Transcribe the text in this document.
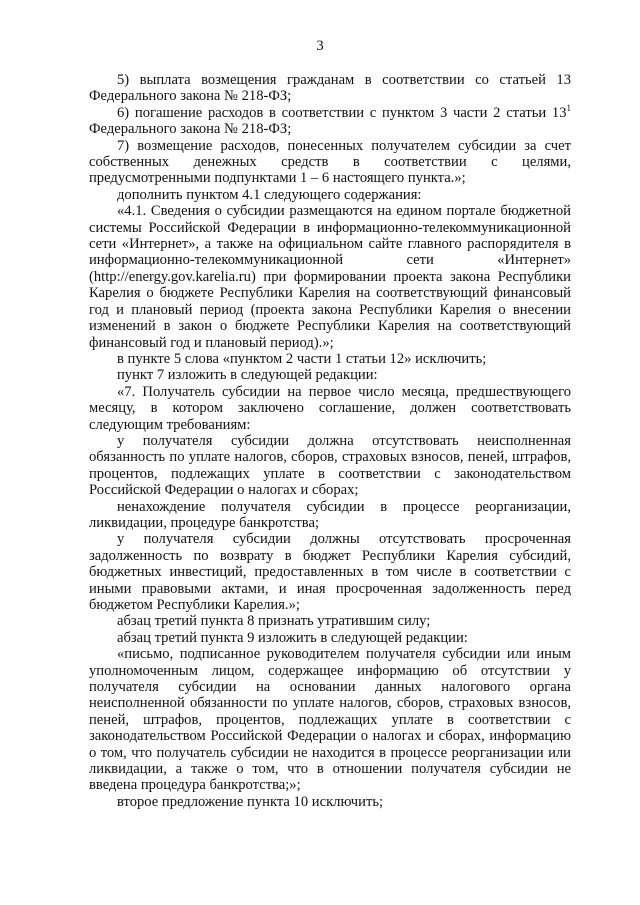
3

5) выплата возмещения гражданам в соответствии со статьей 13 Федерального закона № 218-ФЗ;

6) погашение расходов в соответствии с пунктом 3 части 2 статьи $13^1$ Федерального закона № 218-ФЗ;

7) возмещение расходов, понесенных получателем субсидии за счет собственных денежных средств в соответствии с целями, предусмотренными подпунктами 1 – 6 настоящего пункта.»;

дополнить пунктом 4.1 следующего содержания:

«4.1. Сведения о субсидии размещаются на едином портале бюджетной системы Российской Федерации в информационно-телекоммуникационной сети «Интернет», а также на официальном сайте главного распорядителя в информационно-телекоммуникационной сети «Интернет» (http://energy.gov.karelia.ru) при формировании проекта закона Республики Карелия о бюджете Республики Карелия на соответствующий финансовый год и плановый период (проекта закона Республики Карелия о внесении изменений в закон о бюджете Республики Карелия на соответствующий финансовый год и плановый период).»;

в пункте 5 слова «пунктом 2 части 1 статьи 12» исключить;

пункт 7 изложить в следующей редакции:

«7. Получатель субсидии на первое число месяца, предшествующего месяцу, в котором заключено соглашение, должен соответствовать следующим требованиям:

у получателя субсидии должна отсутствовать неисполненная обязанность по уплате налогов, сборов, страховых взносов, пеней, штрафов, процентов, подлежащих уплате в соответствии с законодательством Российской Федерации о налогах и сборах;

ненахождение получателя субсидии в процессе реорганизации, ликвидации, процедуре банкротства;

у получателя субсидии должны отсутствовать просроченная задолженность по возврату в бюджет Республики Карелия субсидий, бюджетных инвестиций, предоставленных в том числе в соответствии с иными правовыми актами, и иная просроченная задолженность перед бюджетом Республики Карелия.»;

абзац третий пункта 8 признать утратившим силу;

абзац третий пункта 9 изложить в следующей редакции:

«письмо, подписанное руководителем получателя субсидии или иным уполномоченным лицом, содержащее информацию об отсутствии у получателя субсидии на основании данных налогового органа неисполненной обязанности по уплате налогов, сборов, страховых взносов, пеней, штрафов, процентов, подлежащих уплате в соответствии с законодательством Российской Федерации о налогах и сборах, информацию о том, что получатель субсидии не находится в процессе реорганизации или ликвидации, а также о том, что в отношении получателя субсидии не введена процедура банкротства;»;

второе предложение пункта 10 исключить;
